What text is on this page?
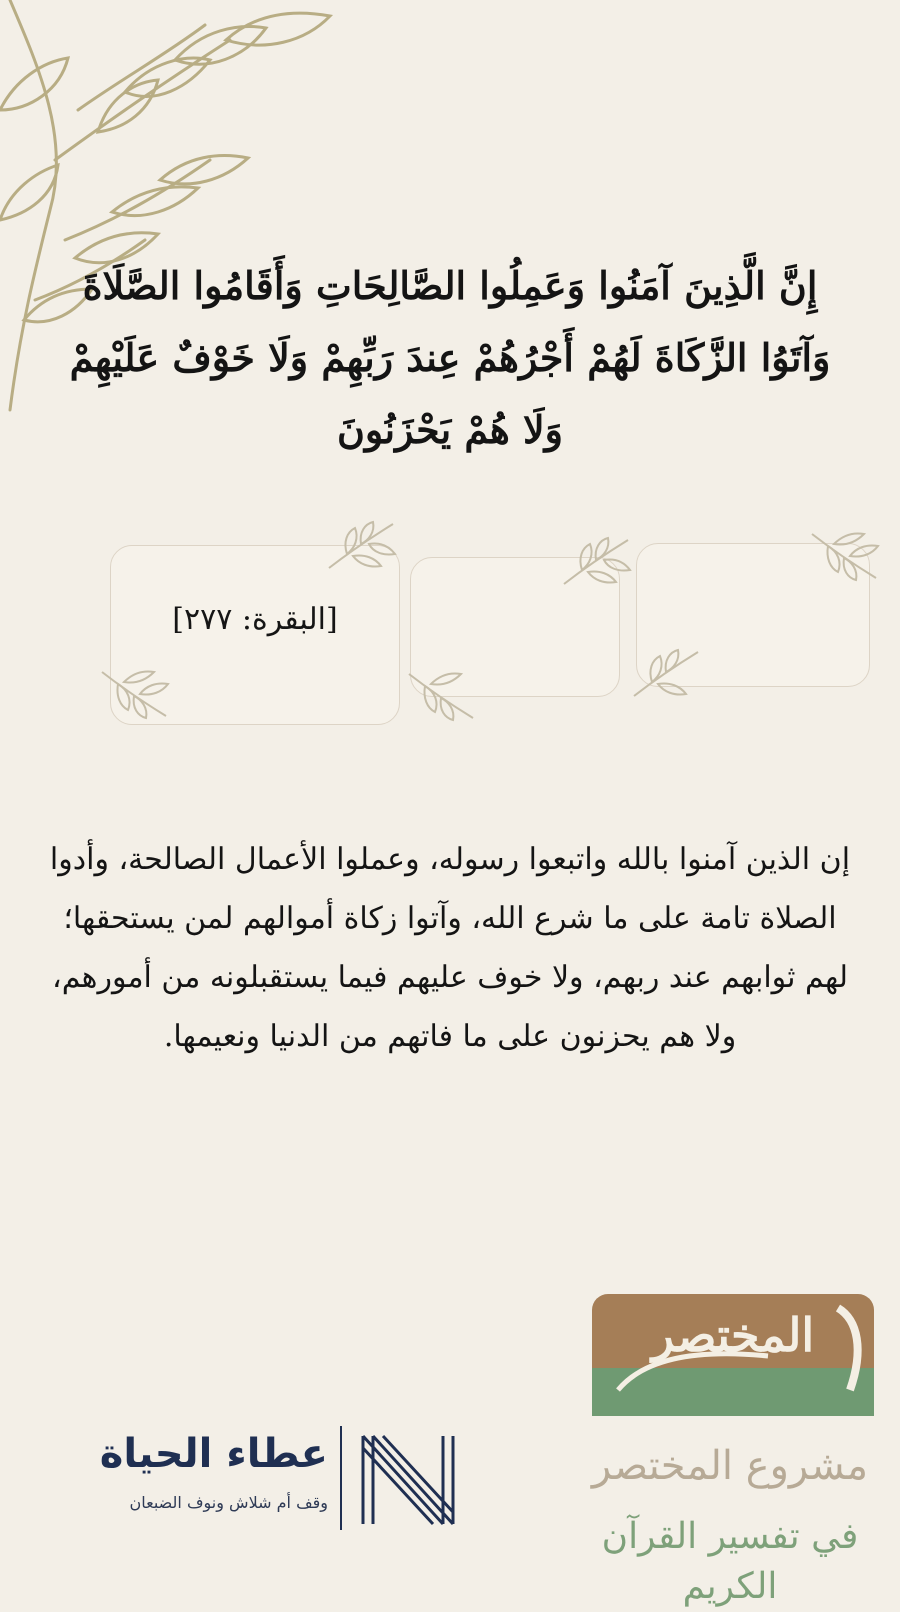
إِنَّ الَّذِينَ آمَنُوا وَعَمِلُوا الصَّالِحَاتِ وَأَقَامُوا الصَّلَاةَ وَآتَوُا الزَّكَاةَ لَهُمْ أَجْرُهُمْ عِندَ رَبِّهِمْ وَلَا خَوْفٌ عَلَيْهِمْ وَلَا هُمْ يَحْزَنُونَ
[البقرة: ٢٧٧]
إن الذين آمنوا بالله واتبعوا رسوله، وعملوا الأعمال الصالحة، وأدوا الصلاة تامة على ما شرع الله، وآتوا زكاة أموالهم لمن يستحقها؛ لهم ثوابهم عند ربهم، ولا خوف عليهم فيما يستقبلونه من أمورهم، ولا هم يحزنون على ما فاتهم من الدنيا ونعيمها.
عطاء الحياة
وقف أم شلاش ونوف الضبعان
المختصر
مشروع المختصر
في تفسير القرآن الكريم
